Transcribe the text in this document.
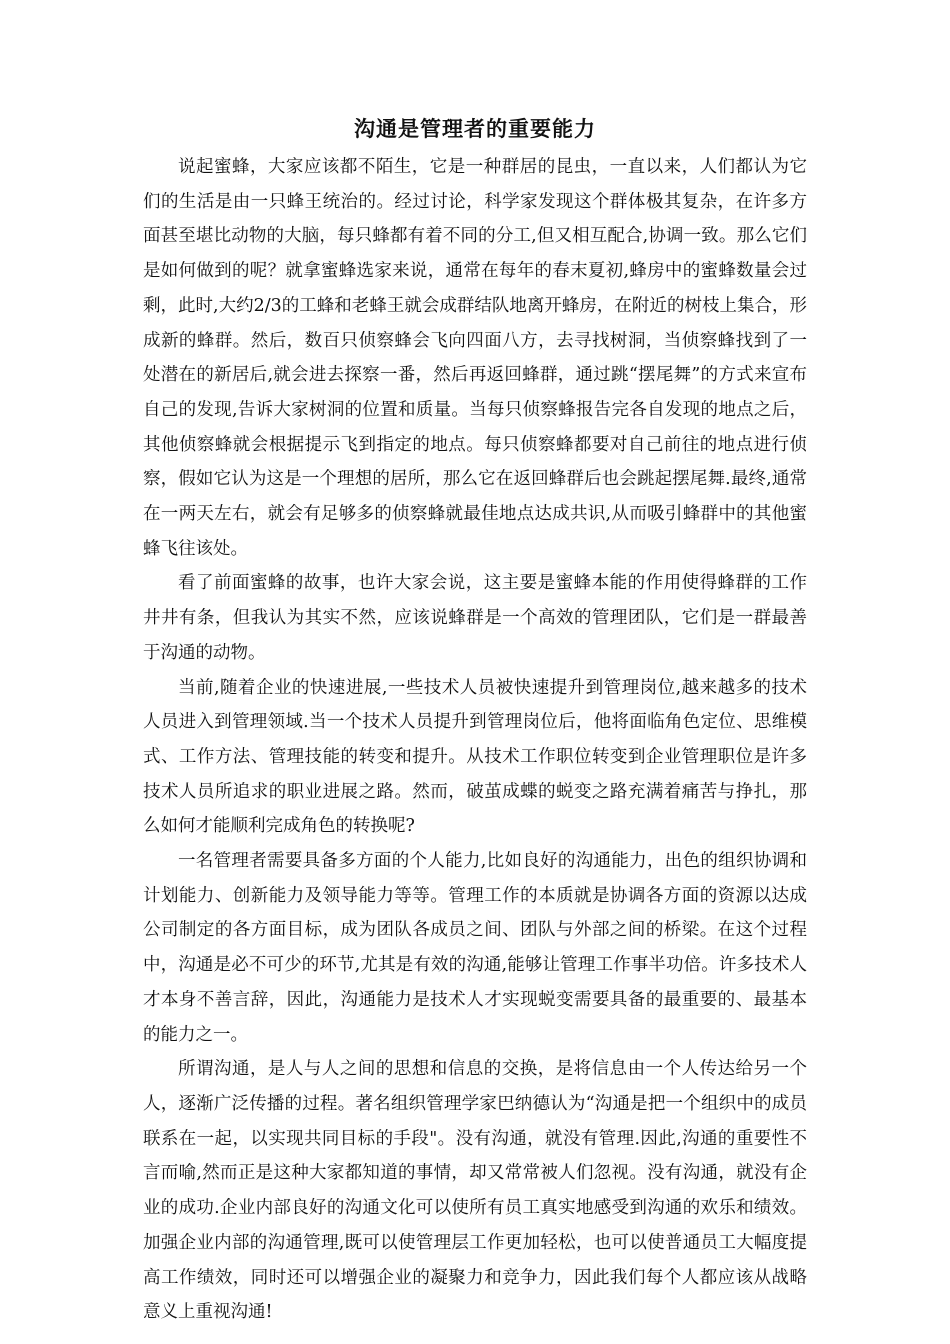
沟通是管理者的重要能力

说起蜜蜂，大家应该都不陌生，它是一种群居的昆虫，一直以来，人们都认为它们的生活是由一只蜂王统治的。经过讨论，科学家发现这个群体极其复杂，在许多方面甚至堪比动物的大脑，每只蜂都有着不同的分工,但又相互配合,协调一致。那么它们是如何做到的呢？就拿蜜蜂选家来说，通常在每年的春末夏初,蜂房中的蜜蜂数量会过剩，此时,大约2/3的工蜂和老蜂王就会成群结队地离开蜂房，在附近的树枝上集合，形成新的蜂群。然后，数百只侦察蜂会飞向四面八方，去寻找树洞，当侦察蜂找到了一处潜在的新居后,就会进去探察一番，然后再返回蜂群，通过跳“摆尾舞”的方式来宣布自己的发现,告诉大家树洞的位置和质量。当每只侦察蜂报告完各自发现的地点之后，其他侦察蜂就会根据提示飞到指定的地点。每只侦察蜂都要对自己前往的地点进行侦察，假如它认为这是一个理想的居所，那么它在返回蜂群后也会跳起摆尾舞.最终,通常在一两天左右，就会有足够多的侦察蜂就最佳地点达成共识,从而吸引蜂群中的其他蜜蜂飞往该处。

看了前面蜜蜂的故事，也许大家会说，这主要是蜜蜂本能的作用使得蜂群的工作井井有条，但我认为其实不然，应该说蜂群是一个高效的管理团队，它们是一群最善于沟通的动物。

当前,随着企业的快速进展,一些技术人员被快速提升到管理岗位,越来越多的技术人员进入到管理领域.当一个技术人员提升到管理岗位后，他将面临角色定位、思维模式、工作方法、管理技能的转变和提升。从技术工作职位转变到企业管理职位是许多技术人员所追求的职业进展之路。然而，破茧成蝶的蜕变之路充满着痛苦与挣扎，那么如何才能顺利完成角色的转换呢?

一名管理者需要具备多方面的个人能力,比如良好的沟通能力，出色的组织协调和计划能力、创新能力及领导能力等等。管理工作的本质就是协调各方面的资源以达成公司制定的各方面目标，成为团队各成员之间、团队与外部之间的桥梁。在这个过程中，沟通是必不可少的环节,尤其是有效的沟通,能够让管理工作事半功倍。许多技术人才本身不善言辞，因此，沟通能力是技术人才实现蜕变需要具备的最重要的、最基本的能力之一。

所谓沟通，是人与人之间的思想和信息的交换，是将信息由一个人传达给另一个人，逐渐广泛传播的过程。著名组织管理学家巴纳德认为“沟通是把一个组织中的成员联系在一起，以实现共同目标的手段"。没有沟通，就没有管理.因此,沟通的重要性不言而喻,然而正是这种大家都知道的事情，却又常常被人们忽视。没有沟通，就没有企业的成功.企业内部良好的沟通文化可以使所有员工真实地感受到沟通的欢乐和绩效。加强企业内部的沟通管理,既可以使管理层工作更加轻松，也可以使普通员工大幅度提高工作绩效，同时还可以增强企业的凝聚力和竞争力，因此我们每个人都应该从战略意义上重视沟通!
